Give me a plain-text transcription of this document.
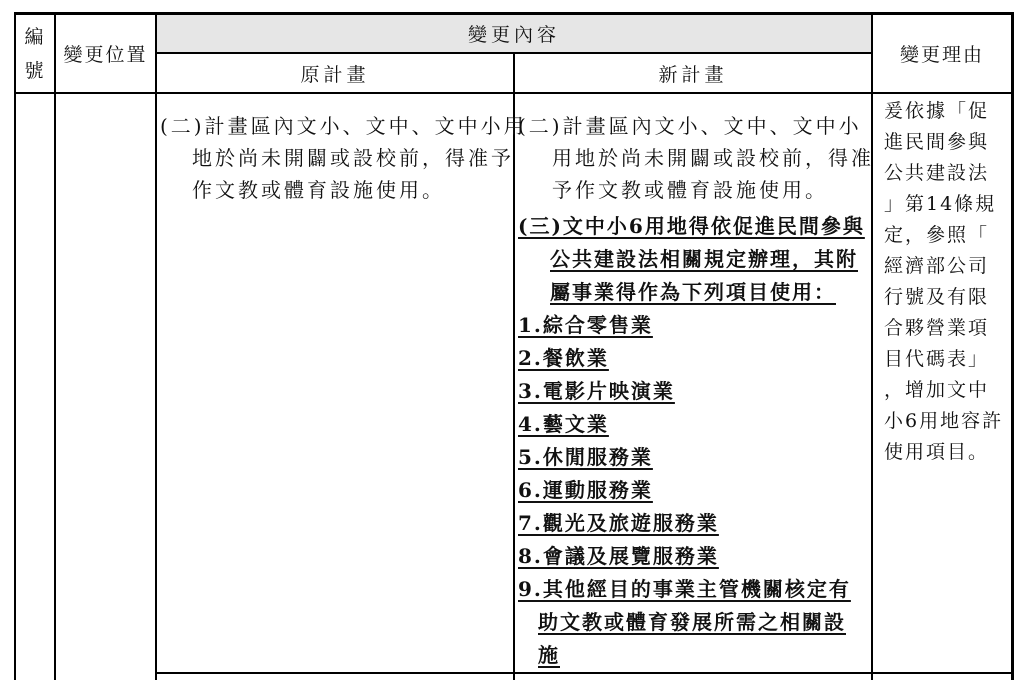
編
號
變更位置
變更內容
原計畫	新計畫
變更理由
(二)計畫區內文小、文中、文中小用
地於尚未開闢或設校前，得准予
作文教或體育設施使用。
(二)計畫區內文小、文中、文中小
用地於尚未開闢或設校前，得准
予作文教或體育設施使用。
(三)文中小6用地得依促進民間參與
公共建設法相關規定辦理，其附
屬事業得作為下列項目使用：
1.綜合零售業
2.餐飲業
3.電影片映演業
4.藝文業
5.休閒服務業
6.運動服務業
7.觀光及旅遊服務業
8.會議及展覽服務業
9.其他經目的事業主管機關核定有
助文教或體育發展所需之相關設
施
爰依據「促
進民間參與
公共建設法
」第14條規
定，參照「
經濟部公司
行號及有限
合夥營業項
目代碼表」
，增加文中
小6用地容許
使用項目。
